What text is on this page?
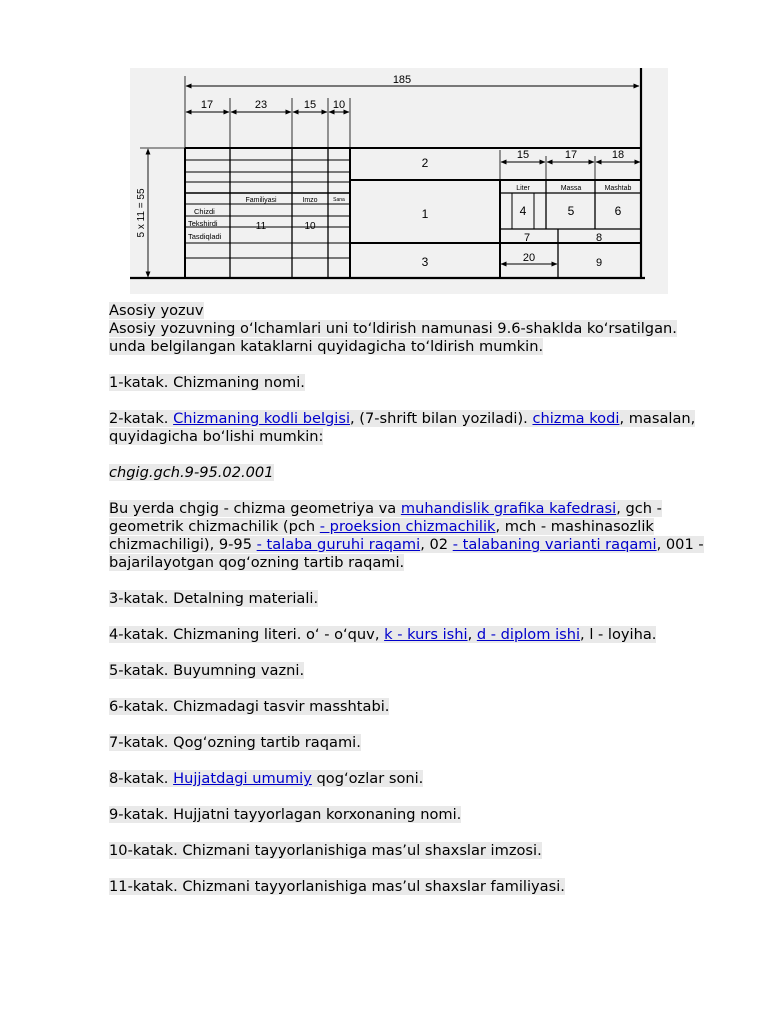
185
17	23	15 10
15	17	18
20
5 x 11 = 55	Familiyasi	Imzo	Sana
Liter	Massa	Mashtab
2
1
3
4	5	6
7	8
9
10
11
Chizdi
Tekshirdi
Tasdiqladi

Asosiy yozuv

Asosiy yozuvning o‘lchamlari uni to‘ldirish namunasi 9.6-shaklda ko‘rsatilgan. unda belgilangan kataklarni quyidagicha to‘ldirish mumkin.

1-katak. Chizmaning nomi.

2-katak. Chizmaning kodli belgisi, (7-shrift bilan yoziladi). chizma kodi, masalan, quyidagicha bo‘lishi mumkin:

chgig.gch.9-95.02.001

Bu yerda chgig - chizma geometriya va muhandislik grafika kafedrasi, gch - geometrik chizmachilik (pch - proeksion chizmachilik, mch - mashinasozlik chizmachiligi), 9-95 - talaba guruhi raqami, 02 - talabaning varianti raqami, 001 - bajarilayotgan qog‘ozning tartib raqami.

3-katak. Detalning materiali.

4-katak. Chizmaning literi. o‘ - o‘quv, k - kurs ishi, d - diplom ishi, l - loyiha.

5-katak. Buyumning vazni.

6-katak. Chizmadagi tasvir masshtabi.

7-katak. Qog‘ozning tartib raqami.

8-katak. Hujjatdagi umumiy qog‘ozlar soni.

9-katak. Hujjatni tayyorlagan korxonaning nomi.

10-katak. Chizmani tayyorlanishiga mas’ul shaxslar imzosi.

11-katak. Chizmani tayyorlanishiga mas’ul shaxslar familiyasi.
